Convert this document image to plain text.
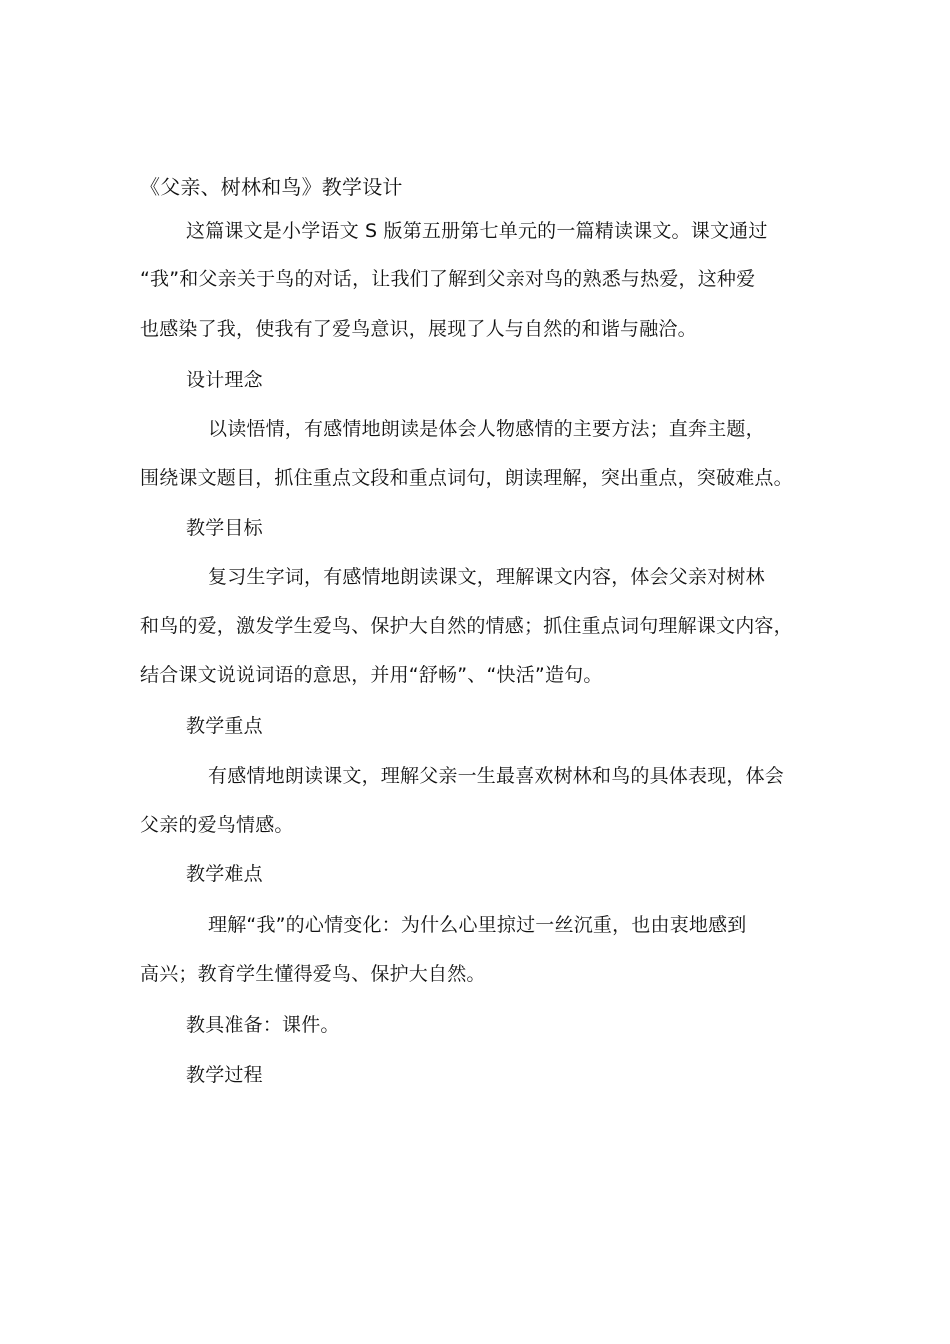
《父亲、树林和鸟》教学设计
这篇课文是小学语文 S 版第五册第七单元的一篇精读课文。课文通过
“我”和父亲关于鸟的对话，让我们了解到父亲对鸟的熟悉与热爱，这种爱
也感染了我，使我有了爱鸟意识，展现了人与自然的和谐与融洽。
设计理念
以读悟情，有感情地朗读是体会人物感情的主要方法；直奔主题，
围绕课文题目，抓住重点文段和重点词句，朗读理解，突出重点，突破难点。
教学目标
复习生字词，有感情地朗读课文，理解课文内容，体会父亲对树林
和鸟的爱，激发学生爱鸟、保护大自然的情感；抓住重点词句理解课文内容，
结合课文说说词语的意思，并用“舒畅”、“快活”造句。
教学重点
有感情地朗读课文，理解父亲一生最喜欢树林和鸟的具体表现，体会
父亲的爱鸟情感。
教学难点
理解“我”的心情变化：为什么心里掠过一丝沉重，也由衷地感到
高兴；教育学生懂得爱鸟、保护大自然。
教具准备：课件。
教学过程
